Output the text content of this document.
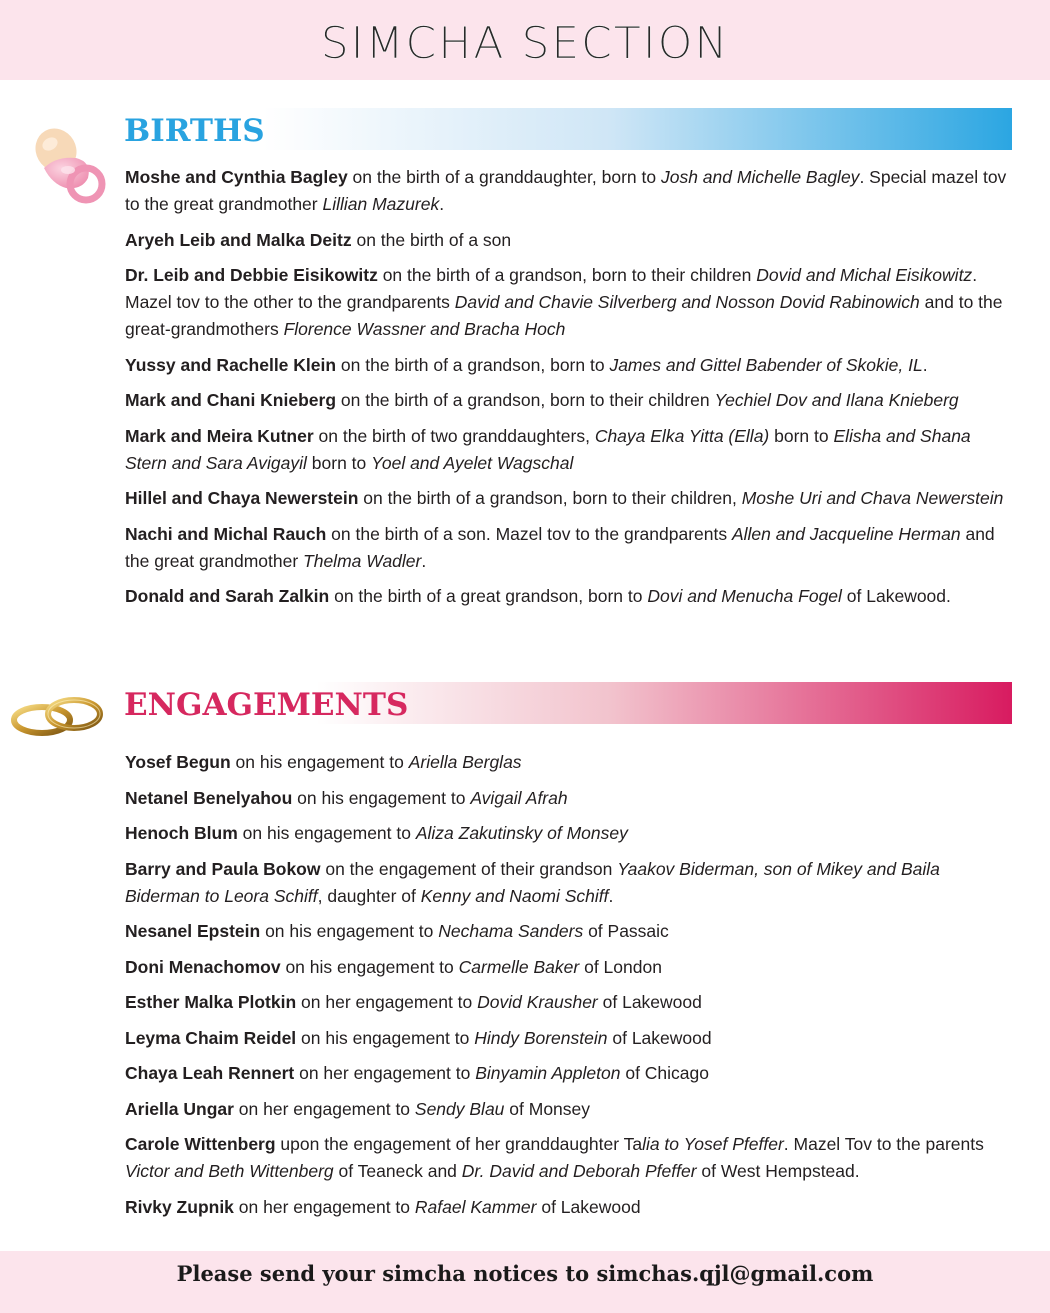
SIMCHA SECTION
BIRTHS
Moshe and Cynthia Bagley on the birth of a granddaughter, born to Josh and Michelle Bagley. Special mazel tov to the great grandmother Lillian Mazurek.
Aryeh Leib and Malka Deitz on the birth of a son
Dr. Leib and Debbie Eisikowitz on the birth of a grandson, born to their children Dovid and Michal Eisikowitz. Mazel tov to the other to the grandparents David and Chavie Silverberg and Nosson Dovid Rabinowich and to the great-grandmothers Florence Wassner and Bracha Hoch
Yussy and Rachelle Klein on the birth of a grandson, born to James and Gittel Babender of Skokie, IL.
Mark and Chani Knieberg on the birth of a grandson, born to their children Yechiel Dov and Ilana Knieberg
Mark and Meira Kutner on the birth of two granddaughters, Chaya Elka Yitta (Ella) born to Elisha and Shana Stern and Sara Avigayil born to Yoel and Ayelet Wagschal
Hillel and Chaya Newerstein on the birth of a grandson, born to their children, Moshe Uri and Chava Newerstein
Nachi and Michal Rauch on the birth of a son. Mazel tov to the grandparents Allen and Jacqueline Herman and the great grandmother Thelma Wadler.
Donald and Sarah Zalkin on the birth of a great grandson, born to Dovi and Menucha Fogel of Lakewood.
ENGAGEMENTS
Yosef Begun on his engagement to Ariella Berglas
Netanel Benelyahou on his engagement to Avigail Afrah
Henoch Blum on his engagement to Aliza Zakutinsky of Monsey
Barry and Paula Bokow on the engagement of their grandson Yaakov Biderman, son of Mikey and Baila Biderman to Leora Schiff, daughter of Kenny and Naomi Schiff.
Nesanel Epstein on his engagement to Nechama Sanders of Passaic
Doni Menachomov on his engagement to Carmelle Baker of London
Esther Malka Plotkin on her engagement to Dovid Krausher of Lakewood
Leyma Chaim Reidel on his engagement to Hindy Borenstein of Lakewood
Chaya Leah Rennert on her engagement to Binyamin Appleton of Chicago
Ariella Ungar on her engagement to Sendy Blau of Monsey
Carole Wittenberg upon the engagement of her granddaughter Talia to Yosef Pfeffer. Mazel Tov to the parents Victor and Beth Wittenberg of Teaneck and Dr. David and Deborah Pfeffer of West Hempstead.
Rivky Zupnik on her engagement to Rafael Kammer of Lakewood

Please send your simcha notices to simchas.qjl@gmail.com
